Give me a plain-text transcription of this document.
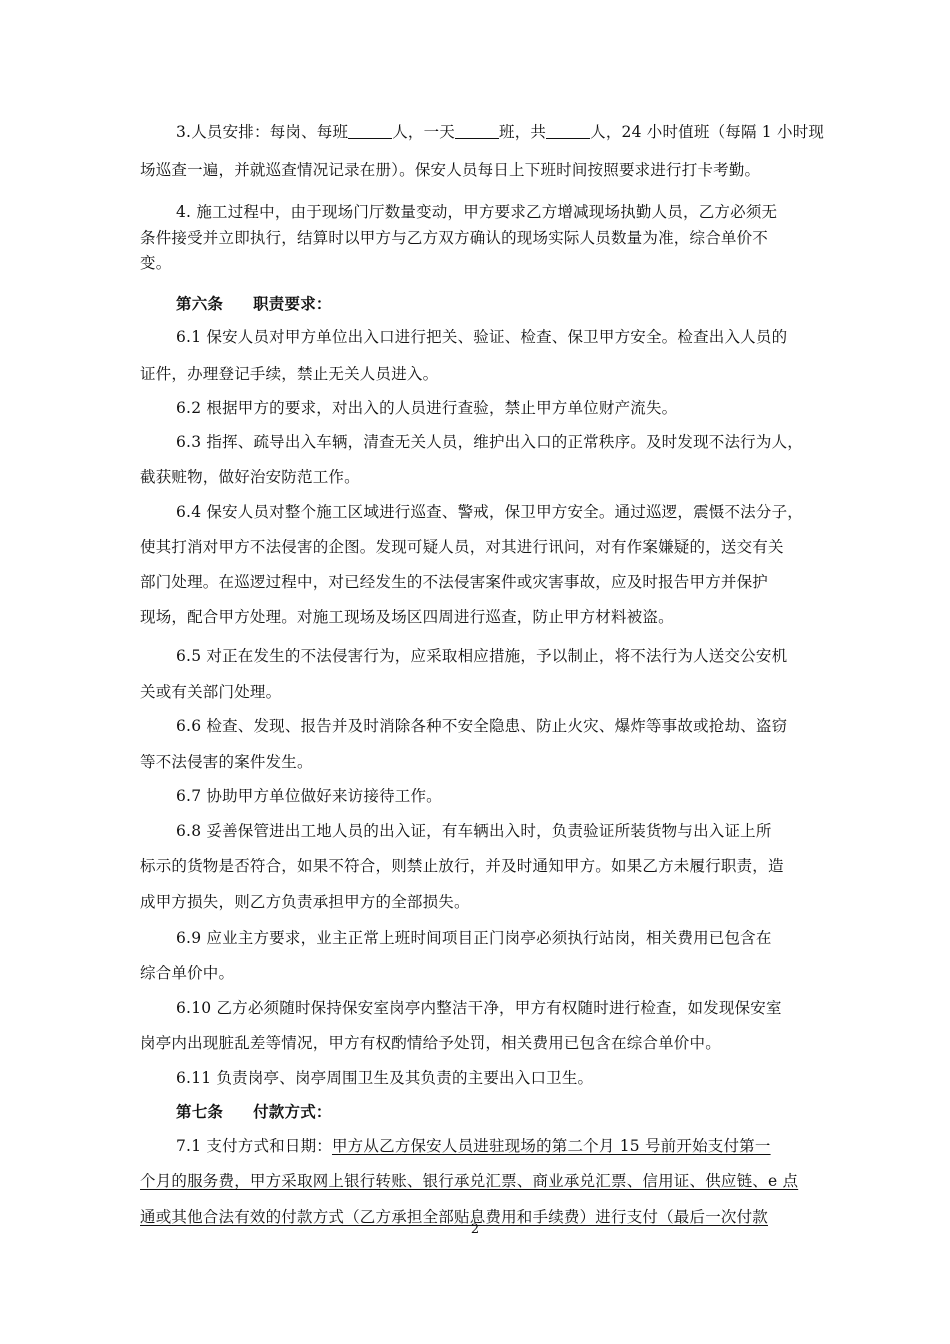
3.人员安排：每岗、每班	人，一天	班，共	人，24 小时值班（每隔 1 小时现
场巡查一遍，并就巡查情况记录在册）。保安人员每日上下班时间按照要求进行打卡考勤。
4. 施工过程中，由于现场门厅数量变动，甲方要求乙方增减现场执勤人员，乙方必须无
条件接受并立即执行，结算时以甲方与乙方双方确认的现场实际人员数量为准，综合单价不
变。
第六条 职责要求：
6.1 保安人员对甲方单位出入口进行把关、验证、检查、保卫甲方安全。检查出入人员的
证件，办理登记手续，禁止无关人员进入。
6.2 根据甲方的要求，对出入的人员进行查验，禁止甲方单位财产流失。
6.3 指挥、疏导出入车辆，清查无关人员，维护出入口的正常秩序。及时发现不法行为人，
截获赃物，做好治安防范工作。
6.4 保安人员对整个施工区域进行巡查、警戒，保卫甲方安全。通过巡逻，震慑不法分子，
使其打消对甲方不法侵害的企图。发现可疑人员，对其进行讯问，对有作案嫌疑的，送交有关
部门处理。在巡逻过程中，对已经发生的不法侵害案件或灾害事故，应及时报告甲方并保护
现场，配合甲方处理。对施工现场及场区四周进行巡查，防止甲方材料被盗。
6.5 对正在发生的不法侵害行为，应采取相应措施，予以制止，将不法行为人送交公安机
关或有关部门处理。
6.6 检查、发现、报告并及时消除各种不安全隐患、防止火灾、爆炸等事故或抢劫、盗窃
等不法侵害的案件发生。
6.7 协助甲方单位做好来访接待工作。
6.8 妥善保管进出工地人员的出入证，有车辆出入时，负责验证所装货物与出入证上所
标示的货物是否符合，如果不符合，则禁止放行，并及时通知甲方。如果乙方未履行职责，造
成甲方损失，则乙方负责承担甲方的全部损失。
6.9 应业主方要求，业主正常上班时间项目正门岗亭必须执行站岗，相关费用已包含在
综合单价中。
6.10 乙方必须随时保持保安室岗亭内整洁干净，甲方有权随时进行检查，如发现保安室
岗亭内出现脏乱差等情况，甲方有权酌情给予处罚，相关费用已包含在综合单价中。
6.11 负责岗亭、岗亭周围卫生及其负责的主要出入口卫生。
第七条 付款方式：
7.1 支付方式和日期：甲方从乙方保安人员进驻现场的第二个月 15 号前开始支付第一
个月的服务费，甲方采取网上银行转账、银行承兑汇票、商业承兑汇票、信用证、供应链、e 点
通或其他合法有效的付款方式（乙方承担全部贴息费用和手续费）进行支付（最后一次付款
2
